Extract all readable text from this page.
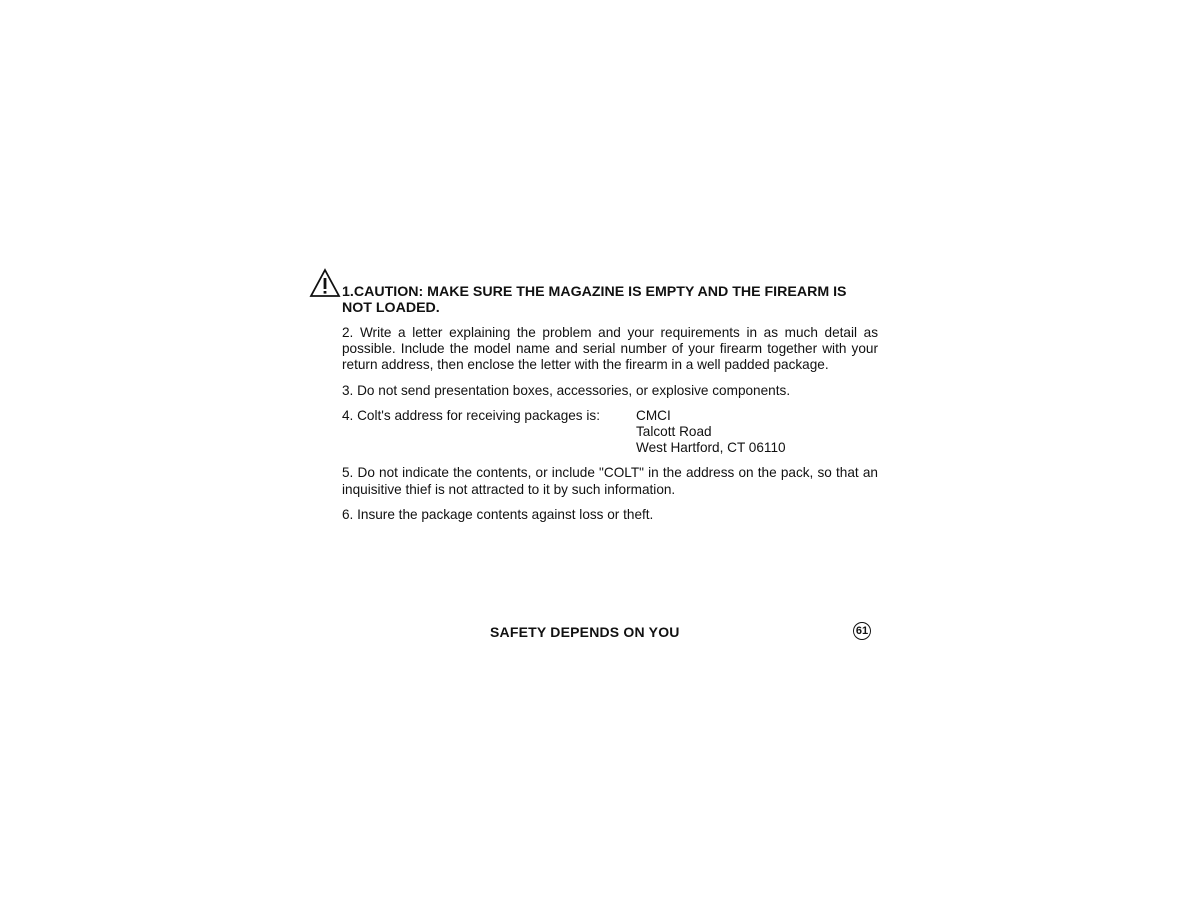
1.CAUTION: MAKE SURE THE MAGAZINE IS EMPTY AND THE FIREARM IS NOT LOADED.
2. Write a letter explaining the problem and your requirements in as much detail as possible. Include the model name and serial number of your firearm together with your return address, then enclose the letter with the firearm in a well padded package.
3. Do not send presentation boxes, accessories, or explosive components.
4. Colt's address for receiving packages is:	CMCI
Talcott Road
West Hartford, CT 06110
5. Do not indicate the contents, or include "COLT" in the address on the pack, so that an inquisitive thief is not attracted to it by such information.
6. Insure the package contents against loss or theft.
SAFETY DEPENDS ON YOU	61
